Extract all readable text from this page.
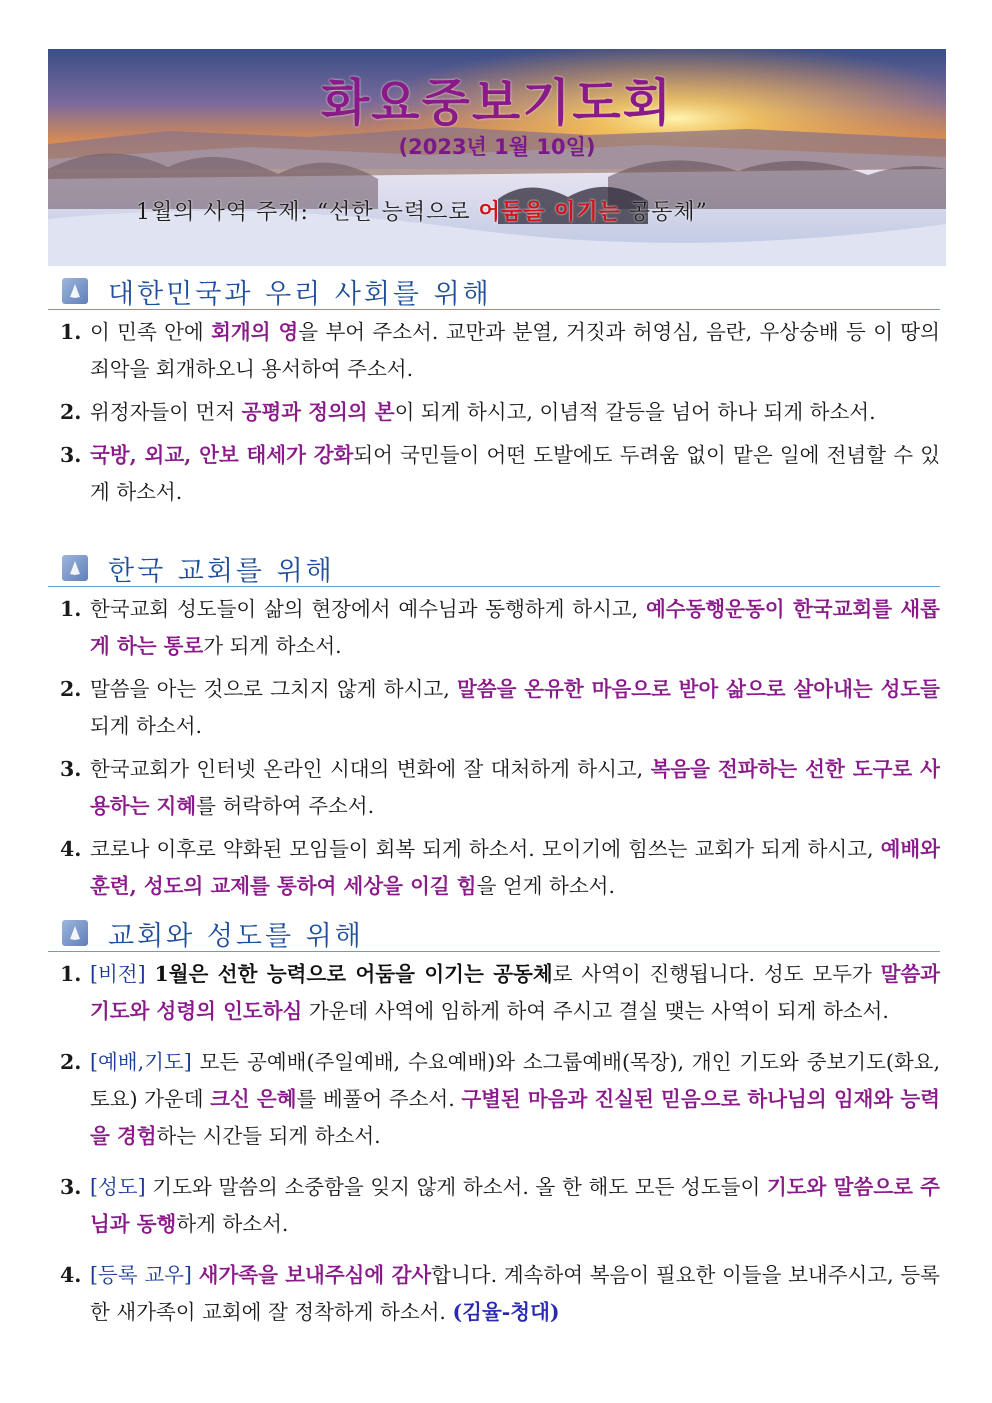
화요중보기도회
(2023년 1월 10일)
1월의 사역 주제: “선한 능력으로 어둠을 이기는 공동체”
대한민국과 우리 사회를 위해
1. 이 민족 안에 회개의 영을 부어 주소서. 교만과 분열, 거짓과 허영심, 음란, 우상숭배 등 이 땅의 죄악을 회개하오니 용서하여 주소서.
2. 위정자들이 먼저 공평과 정의의 본이 되게 하시고, 이념적 갈등을 넘어 하나 되게 하소서.
3. 국방, 외교, 안보 태세가 강화되어 국민들이 어떤 도발에도 두려움 없이 맡은 일에 전념할 수 있게 하소서.
한국 교회를 위해
1. 한국교회 성도들이 삶의 현장에서 예수님과 동행하게 하시고, 예수동행운동이 한국교회를 새롭게 하는 통로가 되게 하소서.
2. 말씀을 아는 것으로 그치지 않게 하시고, 말씀을 온유한 마음으로 받아 삶으로 살아내는 성도들 되게 하소서.
3. 한국교회가 인터넷 온라인 시대의 변화에 잘 대처하게 하시고, 복음을 전파하는 선한 도구로 사용하는 지혜를 허락하여 주소서.
4. 코로나 이후로 약화된 모임들이 회복 되게 하소서. 모이기에 힘쓰는 교회가 되게 하시고, 예배와 훈련, 성도의 교제를 통하여 세상을 이길 힘을 얻게 하소서.
교회와 성도를 위해
1. [비전] 1월은 선한 능력으로 어둠을 이기는 공동체로 사역이 진행됩니다. 성도 모두가 말씀과 기도와 성령의 인도하심 가운데 사역에 임하게 하여 주시고 결실 맺는 사역이 되게 하소서.
2. [예배,기도] 모든 공예배(주일예배, 수요예배)와 소그룹예배(목장), 개인 기도와 중보기도(화요, 토요) 가운데 크신 은혜를 베풀어 주소서. 구별된 마음과 진실된 믿음으로 하나님의 임재와 능력을 경험하는 시간들 되게 하소서.
3. [성도] 기도와 말씀의 소중함을 잊지 않게 하소서. 올 한 해도 모든 성도들이 기도와 말씀으로 주님과 동행하게 하소서.
4. [등록 교우] 새가족을 보내주심에 감사합니다. 계속하여 복음이 필요한 이들을 보내주시고, 등록한 새가족이 교회에 잘 정착하게 하소서. (김율-청대)
